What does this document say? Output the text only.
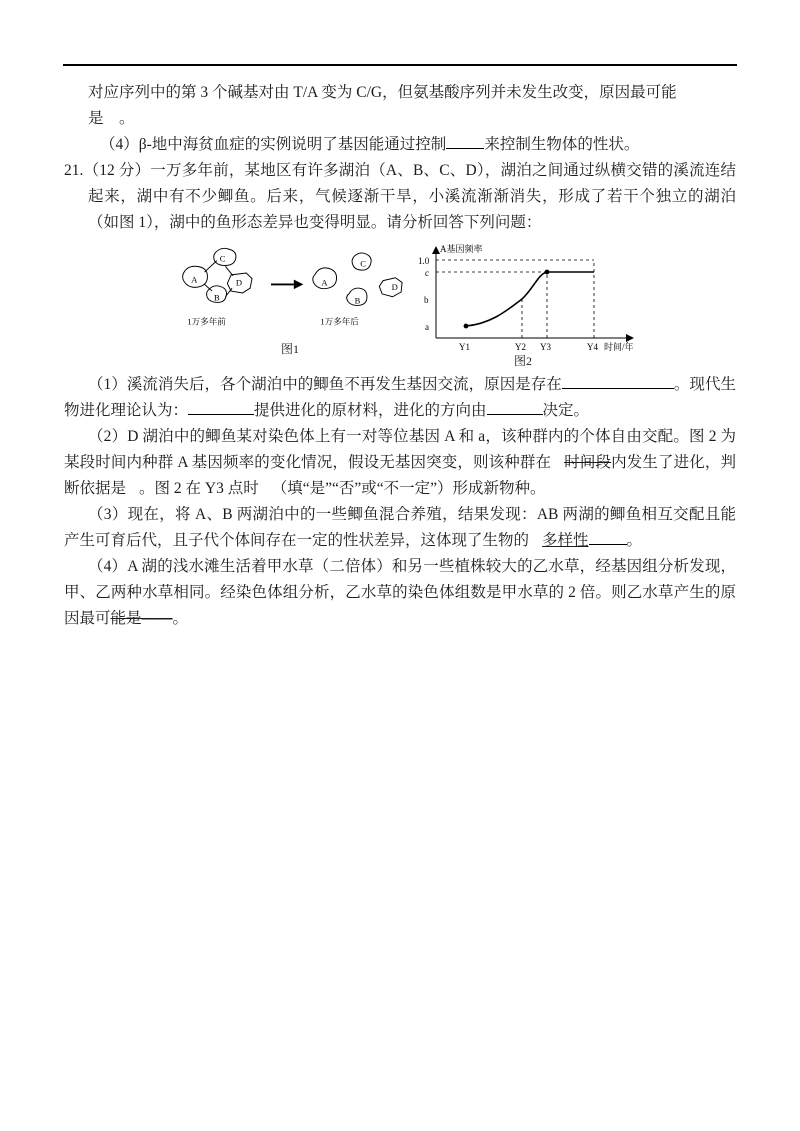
对应序列中的第 3 个碱基对由 T/A 变为 C/G，但氨基酸序列并未发生改变，原因最可能

是　。

（4）β-地中海贫血症的实例说明了基因能通过控制 来控制生物体的性状。

21.（12 分）一万多年前，某地区有许多湖泊（A、B、C、D），湖泊之间通过纵横交错的溪流连结起来，湖中有不少鲫鱼。后来，气候逐渐干旱，小溪流渐渐消失，形成了若干个独立的湖泊（如图 1），湖中的鱼形态差异也变得明显。请分析回答下列问题：

C
A
B
D
1万多年前
A
C
B
D
1万多年后
图1
A基因频率
1.0
c
b
a
Y1	Y2 Y3	Y4 时间/年
图2

（1）溪流消失后，各个湖泊中的鲫鱼不再发生基因交流，原因是存在	。现代生物进化理论认为：	提供进化的原材料，进化的方向由	决定。

（2）D 湖泊中的鲫鱼某对染色体上有一对等位基因 A 和 a，该种群内的个体自由交配。图 2 为某段时间内种群 A 基因频率的变化情况，假设无基因突变，则该种群在 时间段内发生了进化，判断依据是 。图 2 在 Y3 点时 （填“是”“否”或“不一定”）形成新物种。

（3）现在，将 A、B 两湖泊中的一些鲫鱼混合养殖，结果发现：AB 两湖的鲫鱼相互交配且能产生可育后代，且子代个体间存在一定的性状差异，这体现了生物的 多样性 。

（4）A 湖的浅水滩生活着甲水草（二倍体）和另一些植株较大的乙水草，经基因组分析发现，甲、乙两种水草相同。经染色体组分析，乙水草的染色体组数是甲水草的 2 倍。则乙水草产生的原因最可能是——。
